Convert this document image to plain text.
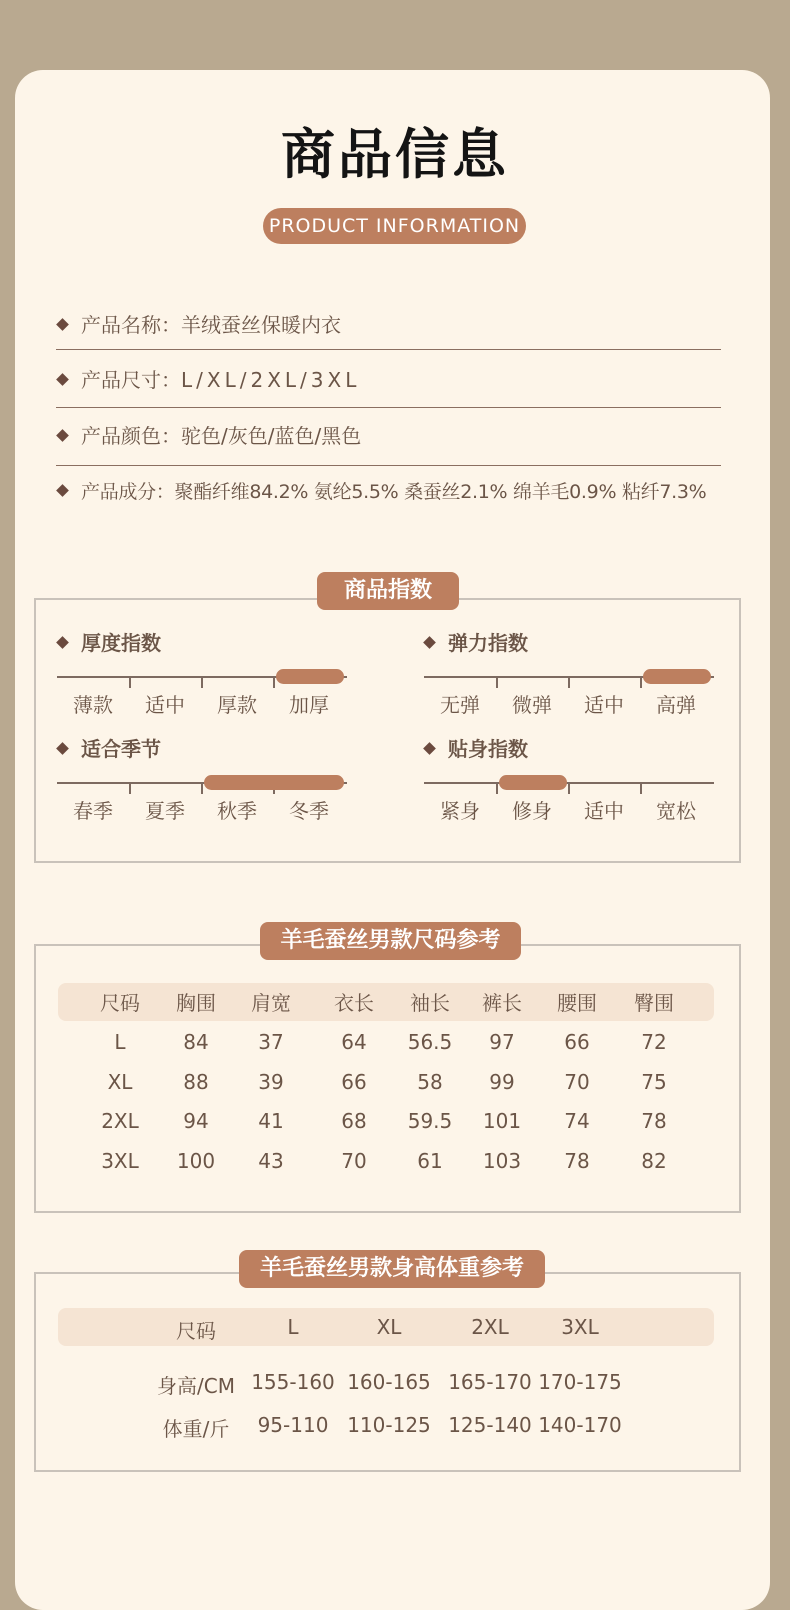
商品信息
PRODUCT INFORMATION
产品名称：羊绒蚕丝保暖内衣
产品尺寸：L/XL/2XL/3XL
产品颜色：驼色/灰色/蓝色/黑色
产品成分：聚酯纤维84.2% 氨纶5.5% 桑蚕丝2.1% 绵羊毛0.9% 粘纤7.3%
商品指数
厚度指数	弹力指数
适合季节	贴身指数
薄款	适中	厚款	加厚	无弹	微弹	适中	高弹
春季	夏季	秋季	冬季	紧身	修身	适中	宽松
羊毛蚕丝男款尺码参考
尺码	胸围	肩宽	衣长	袖长	裤长	腰围	臀围
L	84	37	64	56.5	97	66	72
XL	88	39	66	58	99	70	75
2XL	94	41	68	59.5	101	74	78
3XL	100	43	70	61	103	78	82
羊毛蚕丝男款身高体重参考
尺码	L	XL	2XL	3XL
身高/CM 155-160 160-165 165-170 170-175
体重/斤	95-110 110-125 125-140 140-170
